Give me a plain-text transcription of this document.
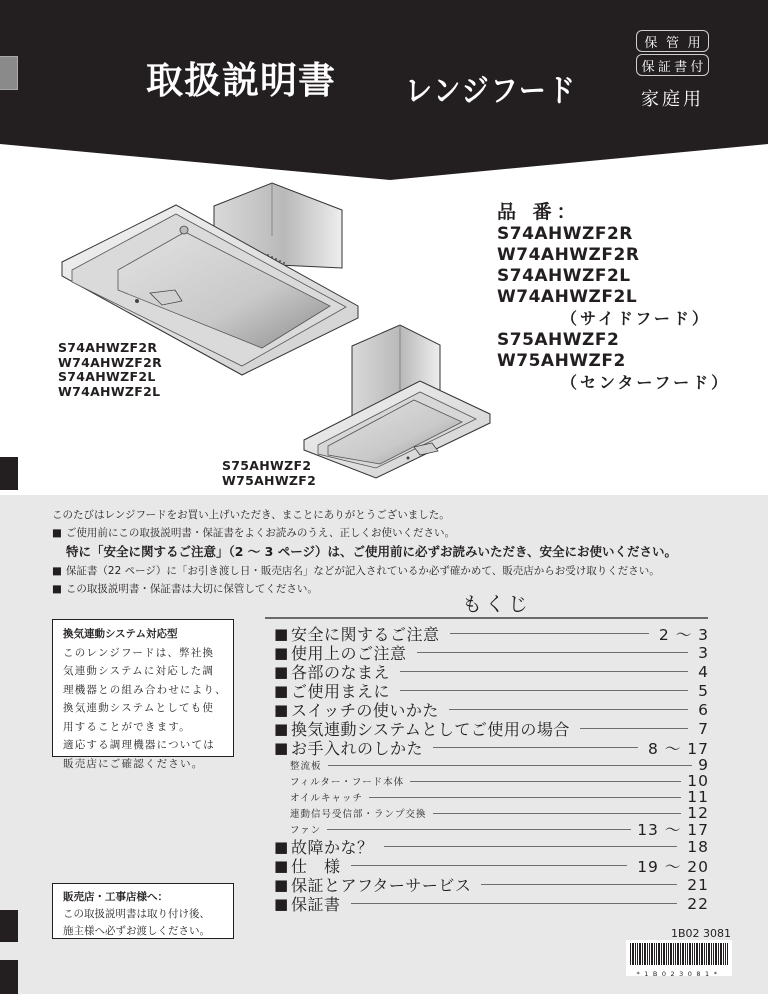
取扱説明書	レンジフード
保 管 用
保 証 書 付
家庭用
品 番：
S74AHWZF2R
W74AHWZF2R
S74AHWZF2L
W74AHWZF2L
（サイドフード）
S75AHWZF2
W75AHWZF2
（センターフード）
S74AHWZF2R
W74AHWZF2R
S74AHWZF2L
W74AHWZF2L
S75AHWZF2
W75AHWZF2
このたびはレンジフードをお買い上げいただき、まことにありがとうございました。
■ ご使用前にこの取扱説明書・保証書をよくお読みのうえ、正しくお使いください。
特に「安全に関するご注意」（2 ～ 3 ページ）は、ご使用前に必ずお読みいただき、安全にお使いください。
■ 保証書（22 ページ）に「お引き渡し日・販売店名」などが記入されているか必ず確かめて、販売店からお受け取りください。
■ この取扱説明書・保証書は大切に保管してください。
もくじ
換気連動システム対応型
このレンジフードは、弊社換
気連動システムに対応した調
理機器との組み合わせにより、
換気連動システムとしても使
用することができます。
適応する調理機器については
販売店にご確認ください。
販売店・工事店様へ：
この取扱説明書は取り付け後、
施主様へ必ずお渡しください。
■ 安全に関するご注意	2 ～ 3
■ 使用上のご注意	3
■ 各部のなまえ	4
■ ご使用まえに	5
■ スイッチの使いかた	6
■ 換気連動システムとしてご使用の場合	7
■ お手入れのしかた	8 ～ 17
整流板	9
フィルター・フード本体	10
オイルキャッチ	11
連動信号受信部・ランプ交換	12
ファン	13 ～ 17
■ 故障かな？	18
■ 仕　様	19 ～ 20
■ 保証とアフターサービス	21
■ 保証書	22
1B02 3081
*1B023081*
